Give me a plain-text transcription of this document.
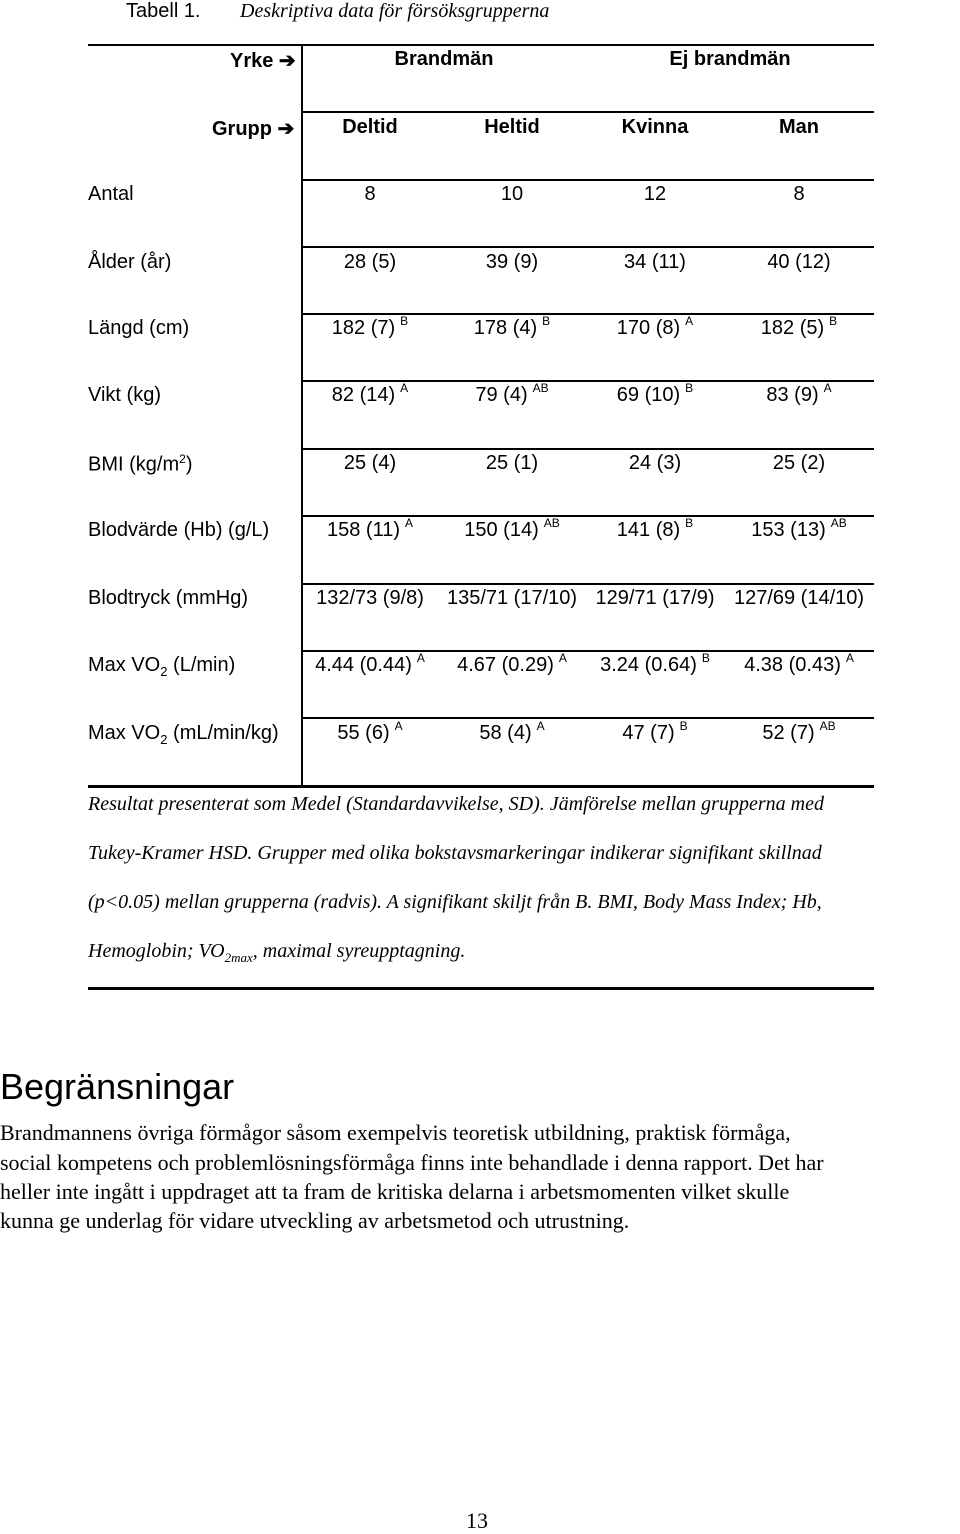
Tabell 1. Deskriptiva data för försöksgrupperna
Yrke ➔	Brandmän	Ej brandmän
Grupp ➔ Deltid	Heltid	Kvinna	Man
Antal	8	10	12	8
Ålder (år)	28 (5)	39 (9)	34 (11)	40 (12)
Längd (cm)	182 (7) $^B$	178 (4) $^B$	170 (8) $^A$	182 (5) $^B$
Vikt (kg)	82 (14) $^A$	79 (4) $^{AB}$	69 (10) $^B$	83 (9) $^A$
BMI $(kg/m^2)$	25 (4)	25 (1)	24 (3)	25 (2)
Blodvärde (Hb) (g/L)	158 (11) $^A$	150 (14) $^{AB}$	141 (8) $^B$	153 (13) $^{AB}$
Blodtryck (mmHg)	132/73 (9/8) 135/71 (17/10) 129/71 (17/9) 127/69 (14/10)
Max $VO_2$ (L/min)	4.44 (0.44) $^A$ 4.67 (0.29) $^A$ 3.24 (0.64) $^B$ 4.38 (0.43) $^A$
Max $VO_2$ (mL/min/kg)	55 (6) $^A$	58 (4) $^A$	47 (7) $^B$	52 (7) $^{AB}$
Resultat presenterat som Medel (Standardavvikelse, SD). Jämförelse mellan grupperna med
Tukey-Kramer HSD. Grupper med olika bokstavsmarkeringar indikerar signifikant skillnad
(p<0.05) mellan grupperna (radvis). A signifikant skiljt från B. BMI, Body Mass Index; Hb,
Hemoglobin; $VO_{2max}$, maximal syreupptagning.
Begränsningar
Brandmannens övriga förmågor såsom exempelvis teoretisk utbildning, praktisk förmåga,
social kompetens och problemlösningsförmåga finns inte behandlade i denna rapport. Det har
heller inte ingått i uppdraget att ta fram de kritiska delarna i arbetsmomenten vilket skulle
kunna ge underlag för vidare utveckling av arbetsmetod och utrustning.
13
